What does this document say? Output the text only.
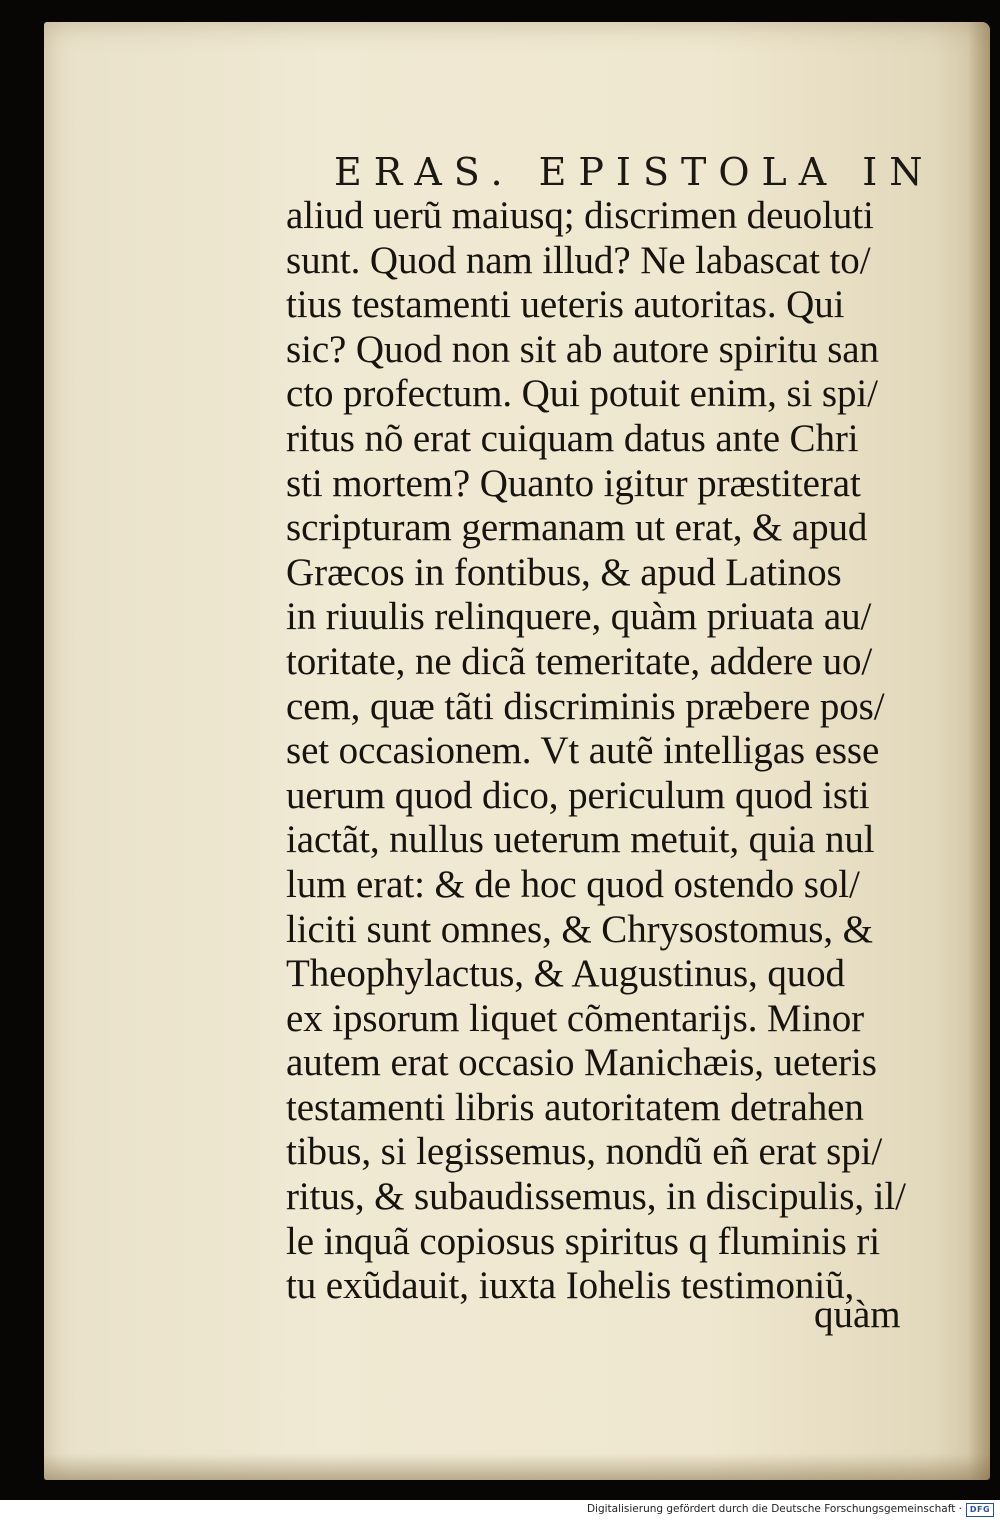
ERAS. EPISTOLA IN
aliud uerũ maiusq; discrimen deuoluti
sunt. Quod nam illud? Ne labascat to/
tius testamenti ueteris autoritas. Qui
sic? Quod non sit ab autore spiritu san
cto profectum. Qui potuit enim, si spi/
ritus nõ erat cuiquam datus ante Chri
sti mortem? Quanto igitur præstiterat
scripturam germanam ut erat, & apud
Græcos in fontibus, & apud Latinos
in riuulis relinquere, quàm priuata au/
toritate, ne dicã temeritate, addere uo/
cem, quæ tãti discriminis præbere pos/
set occasionem. Vt autẽ intelligas esse
uerum quod dico, periculum quod isti
iactãt, nullus ueterum metuit, quia nul
lum erat: & de hoc quod ostendo sol/
liciti sunt omnes, & Chrysostomus, &
Theophylactus, & Augustinus, quod
ex ipsorum liquet cõmentarijs. Minor
autem erat occasio Manichæis, ueteris
testamenti libris autoritatem detrahen
tibus, si legissemus, nondũ eñ erat spi/
ritus, & subaudissemus, in discipulis, il/
le inquã copiosus spiritus q fluminis ri
tu exũdauit, iuxta Iohelis testimoniũ,
quàm
Digitalisierung gefördert durch die Deutsche Forschungsgemeinschaft · DFG
